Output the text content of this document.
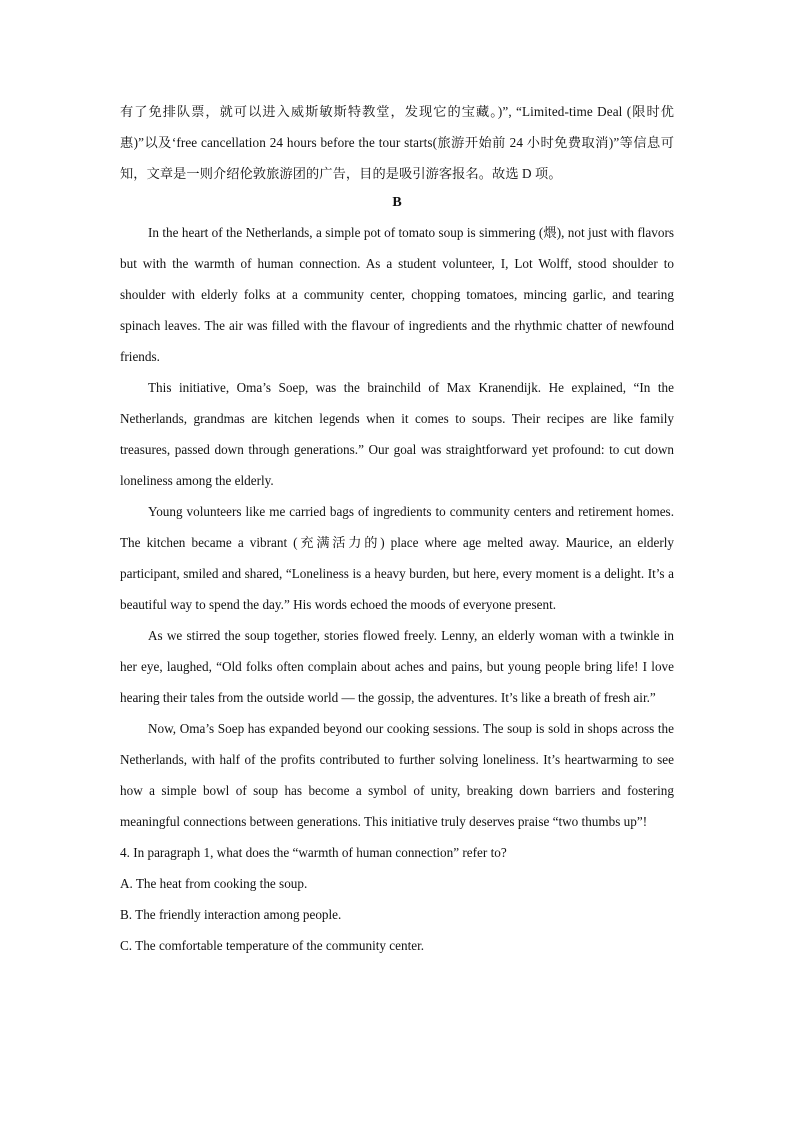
有了免排队票，就可以进入威斯敏斯特教堂，发现它的宝藏。)”, “Limited-time Deal (限时优惠)”以及‘free cancellation 24 hours before the tour starts(旅游开始前 24 小时免费取消)”等信息可知，文章是一则介绍伦敦旅游团的广告，目的是吸引游客报名。故选 D 项。

B

In the heart of the Netherlands, a simple pot of tomato soup is simmering (煨), not just with flavors but with the warmth of human connection. As a student volunteer, I, Lot Wolff, stood shoulder to shoulder with elderly folks at a community center, chopping tomatoes, mincing garlic, and tearing spinach leaves. The air was filled with the flavour of ingredients and the rhythmic chatter of newfound friends.

This initiative, Oma’s Soep, was the brainchild of Max Kranendijk. He explained, “In the Netherlands, grandmas are kitchen legends when it comes to soups. Their recipes are like family treasures, passed down through generations.” Our goal was straightforward yet profound: to cut down loneliness among the elderly.

Young volunteers like me carried bags of ingredients to community centers and retirement homes. The kitchen became a vibrant (充满活力的) place where age melted away. Maurice, an elderly participant, smiled and shared, “Loneliness is a heavy burden, but here, every moment is a delight. It’s a beautiful way to spend the day.” His words echoed the moods of everyone present.

As we stirred the soup together, stories flowed freely. Lenny, an elderly woman with a twinkle in her eye, laughed, “Old folks often complain about aches and pains, but young people bring life! I love hearing their tales from the outside world — the gossip, the adventures. It’s like a breath of fresh air.”

Now, Oma’s Soep has expanded beyond our cooking sessions. The soup is sold in shops across the Netherlands, with half of the profits contributed to further solving loneliness. It’s heartwarming to see how a simple bowl of soup has become a symbol of unity, breaking down barriers and fostering meaningful connections between generations. This initiative truly deserves praise “two thumbs up”!

4. In paragraph 1, what does the “warmth of human connection” refer to?

A. The heat from cooking the soup.

B. The friendly interaction among people.

C. The comfortable temperature of the community center.
